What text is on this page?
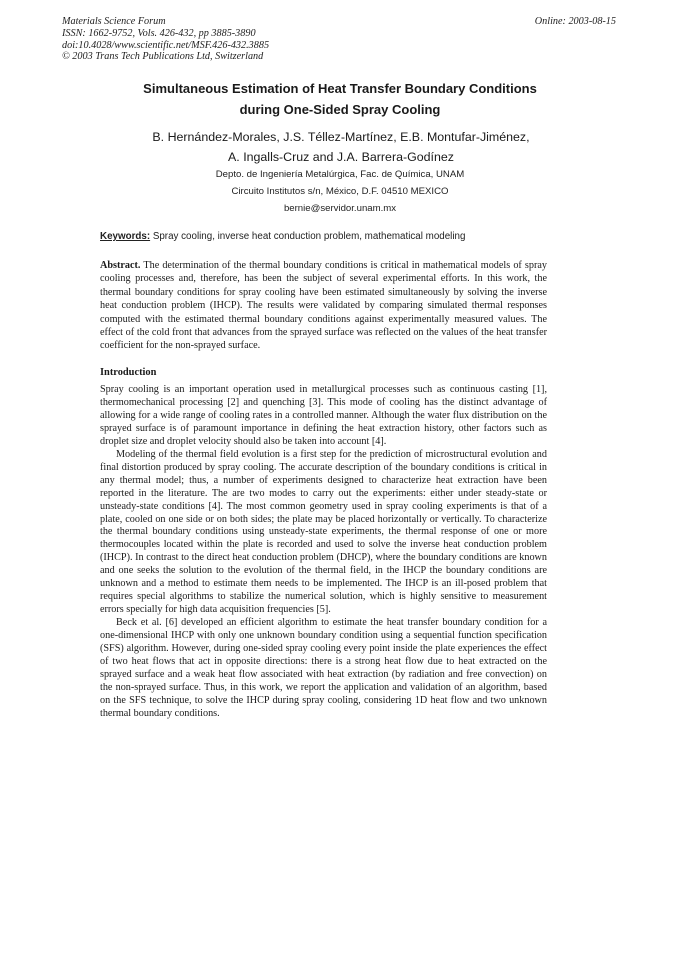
Materials Science Forum
ISSN: 1662-9752, Vols. 426-432, pp 3885-3890
doi:10.4028/www.scientific.net/MSF.426-432.3885
© 2003 Trans Tech Publications Ltd, Switzerland
Online: 2003-08-15
Simultaneous Estimation of Heat Transfer Boundary Conditions
during One-Sided Spray Cooling
B. Hernández-Morales, J.S. Téllez-Martínez, E.B. Montufar-Jiménez,
A. Ingalls-Cruz and J.A. Barrera-Godínez
Depto. de Ingeniería Metalúrgica, Fac. de Química, UNAM
Circuito Institutos s/n, México, D.F. 04510 MEXICO
bernie@servidor.unam.mx
Keywords: Spray cooling, inverse heat conduction problem, mathematical modeling
Abstract. The determination of the thermal boundary conditions is critical in mathematical models of spray cooling processes and, therefore, has been the subject of several experimental efforts. In this work, the thermal boundary conditions for spray cooling have been estimated simultaneously by solving the inverse heat conduction problem (IHCP). The results were validated by comparing simulated thermal responses computed with the estimated thermal boundary conditions against experimentally measured values. The effect of the cold front that advances from the sprayed surface was reflected on the values of the heat transfer coefficient for the non-sprayed surface.
Introduction

Spray cooling is an important operation used in metallurgical processes such as continuous casting [1], thermomechanical processing [2] and quenching [3]. This mode of cooling has the distinct advantage of allowing for a wide range of cooling rates in a controlled manner. Although the water flux distribution on the sprayed surface is of paramount importance in defining the heat extraction history, other factors such as droplet size and droplet velocity should also be taken into account [4].

Modeling of the thermal field evolution is a first step for the prediction of microstructural evolution and final distortion produced by spray cooling. The accurate description of the boundary conditions is critical in any thermal model; thus, a number of experiments designed to characterize heat extraction have been reported in the literature. The are two modes to carry out the experiments: either under steady-state or unsteady-state conditions [4]. The most common geometry used in spray cooling experiments is that of a plate, cooled on one side or on both sides; the plate may be placed horizontally or vertically. To characterize the thermal boundary conditions using unsteady-state experiments, the thermal response of one or more thermocouples located within the plate is recorded and used to solve the inverse heat conduction problem (IHCP). In contrast to the direct heat conduction problem (DHCP), where the boundary conditions are known and one seeks the solution to the evolution of the thermal field, in the IHCP the boundary conditions are unknown and a method to estimate them needs to be implemented. The IHCP is an ill-posed problem that requires special algorithms to stabilize the numerical solution, which is highly sensitive to measurement errors specially for high data acquisition frequencies [5].

Beck et al. [6] developed an efficient algorithm to estimate the heat transfer boundary condition for a one-dimensional IHCP with only one unknown boundary condition using a sequential function specification (SFS) algorithm. However, during one-sided spray cooling every point inside the plate experiences the effect of two heat flows that act in opposite directions: there is a strong heat flow due to heat extracted on the sprayed surface and a weak heat flow associated with heat extraction (by radiation and free convection) on the non-sprayed surface. Thus, in this work, we report the application and validation of an algorithm, based on the SFS technique, to solve the IHCP during spray cooling, considering 1D heat flow and two unknown thermal boundary conditions.
